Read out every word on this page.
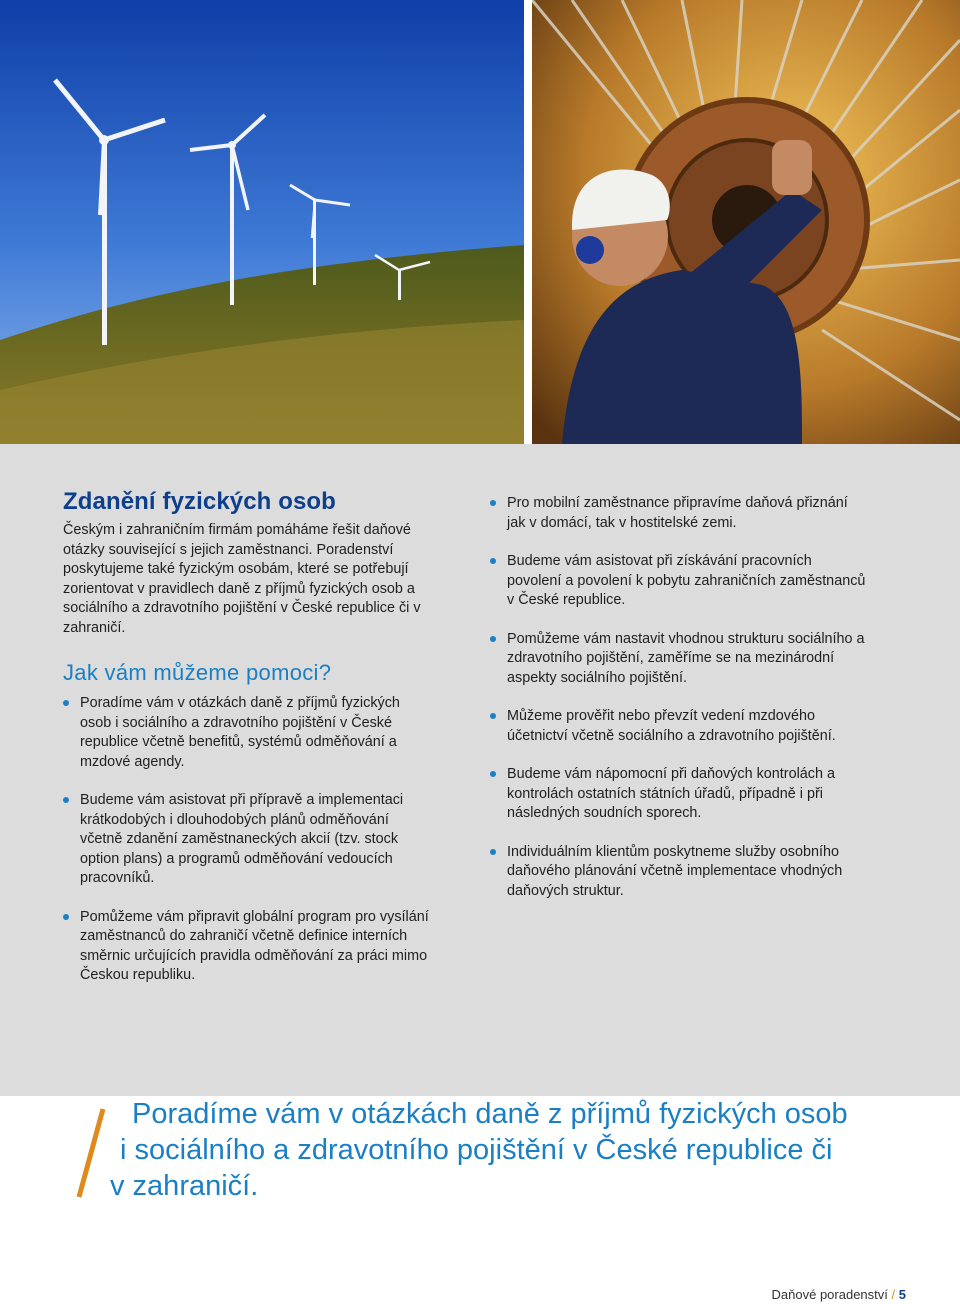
Zdanění fyzických osob

Českým i zahraničním firmám pomáháme řešit daňové otázky související s jejich zaměstnanci. Poradenství poskytujeme také fyzickým osobám, které se potřebují zorientovat v pravidlech daně z příjmů fyzických osob a sociálního a zdravotního pojištění v České republice či v zahraničí.

Jak vám můžeme pomoci?
Poradíme vám v otázkách daně z příjmů fyzických osob i sociálního a zdravotního pojištění v České republice včetně benefitů, systémů odměňování a mzdové agendy.
Budeme vám asistovat při přípravě a implementaci krátkodobých i dlouhodobých plánů odměňování včetně zdanění zaměstnaneckých akcií (tzv. stock option plans) a programů odměňování vedoucích pracovníků.
Pomůžeme vám připravit globální program pro vysílání zaměstnanců do zahraničí včetně definice interních směrnic určujících pravidla odměňování za práci mimo Českou republiku.
Pro mobilní zaměstnance připravíme daňová přiznání jak v domácí, tak v hostitelské zemi.
Budeme vám asistovat při získávání pracovních povolení a povolení k pobytu zahraničních zaměstnanců v České republice.
Pomůžeme vám nastavit vhodnou strukturu sociálního a zdravotního pojištění, zaměříme se na mezinárodní aspekty sociálního pojištění.
Můžeme prověřit nebo převzít vedení mzdového účetnictví včetně sociálního a zdravotního pojištění.
Budeme vám nápomocní při daňových kontrolách a kontrolách ostatních státních úřadů, případně i při následných soudních sporech.
Individuálním klientům poskytneme služby osobního daňového plánování včetně implementace vhodných daňových struktur.

Poradíme vám v otázkách daně z příjmů fyzických osob
i sociálního a zdravotního pojištění v České republice či
v zahraničí.

Daňové poradenství / 5
